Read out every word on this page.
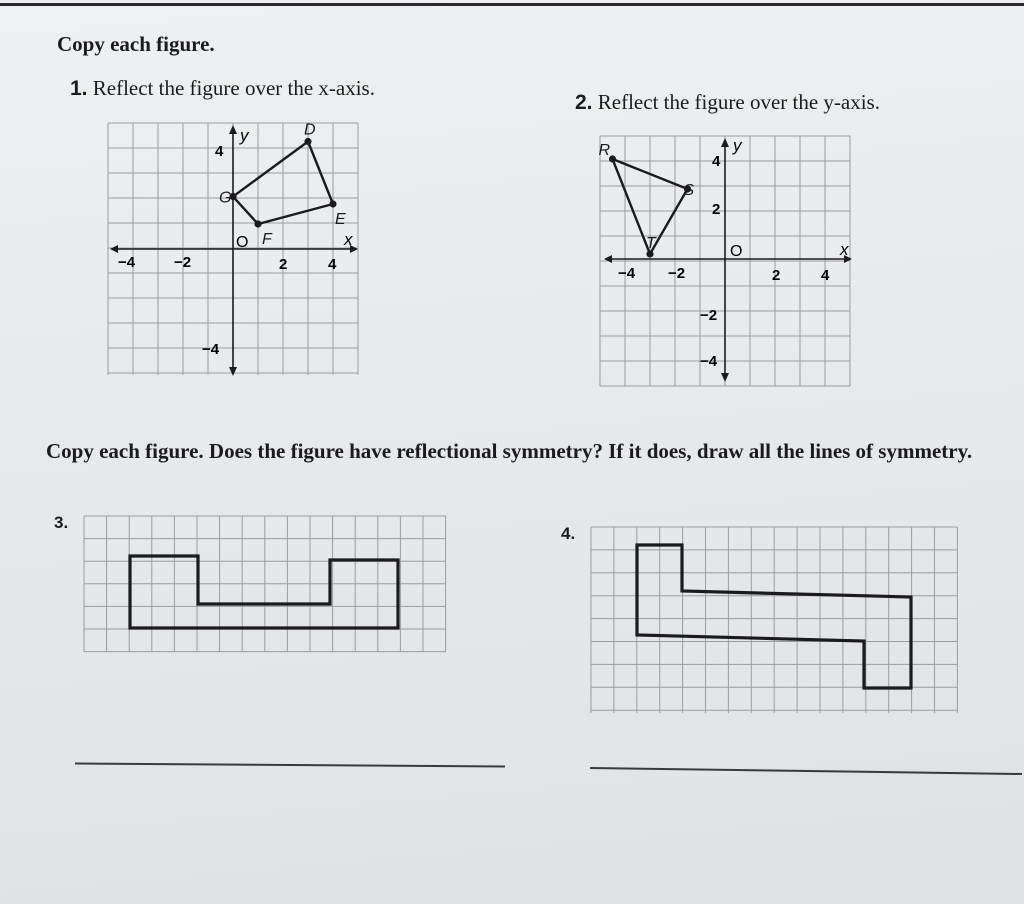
Copy each figure.
1. Reflect the figure over the x-axis.
2. Reflect the figure over the y-axis.
y
x
O
−4	−2	2	4
4
−4
D
E
F
G
y
x
O
−4 −2	2	4
4
2
−2
−4
R
S
T
Copy each figure. Does the figure have reflectional symmetry? If it does, draw all the lines of symmetry.
3.
4.
